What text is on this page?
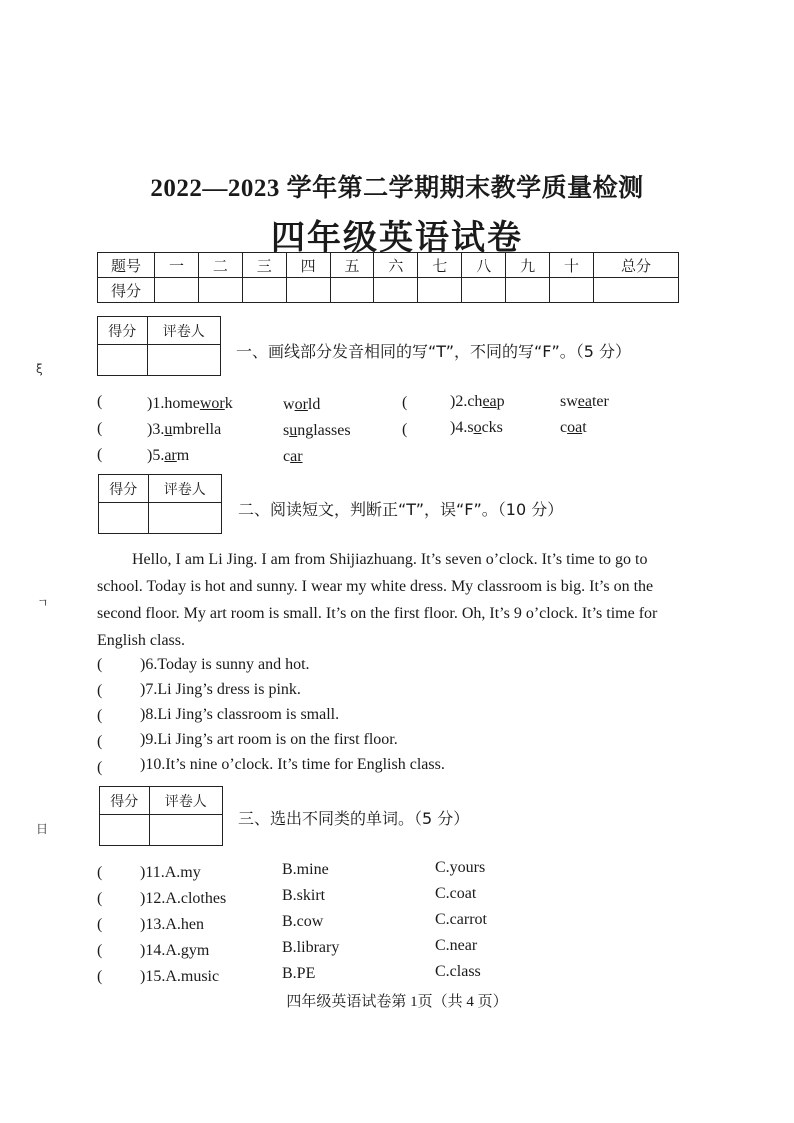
2022—2023 学年第二学期期末教学质量检测
四年级英语试卷
题号	一	二	三	四	五	六	七	八	九	十	总分
得分											
得分	评卷人

一、画线部分发音相同的写“T”，不同的写“F”。（5 分）
(	)1.homework	world	(	)2.cheap	sweater
(	)3.umbrella	sunglasses	(	)4.socks	coat
(	)5.arm	car
得分	评卷人

二、阅读短文，判断正“T”，误“F”。（10 分）
Hello, I am Li Jing. I am from Shijiazhuang. It’s seven o’clock. It’s time to go to school. Today is hot and sunny. I wear my white dress. My classroom is big. It’s on the second floor. My art room is small. It’s on the first floor. Oh, It’s 9 o’clock. It’s time for English class.
( )6.Today is sunny and hot.
( )7.Li Jing’s dress is pink.
( )8.Li Jing’s classroom is small.
( )9.Li Jing’s art room is on the first floor.
( )10.It’s nine o’clock. It’s time for English class.
得分	评卷人

三、选出不同类的单词。（5 分）
( )11.A.my	B.mine	C.yours
( )12.A.clothes	B.skirt	C.coat
( )13.A.hen	B.cow	C.carrot
( )14.A.gym	B.library	C.near
( )15.A.music	B.PE	C.class
四年级英语试卷第 1页（共 4 页）
ξ
ㄱ
日
